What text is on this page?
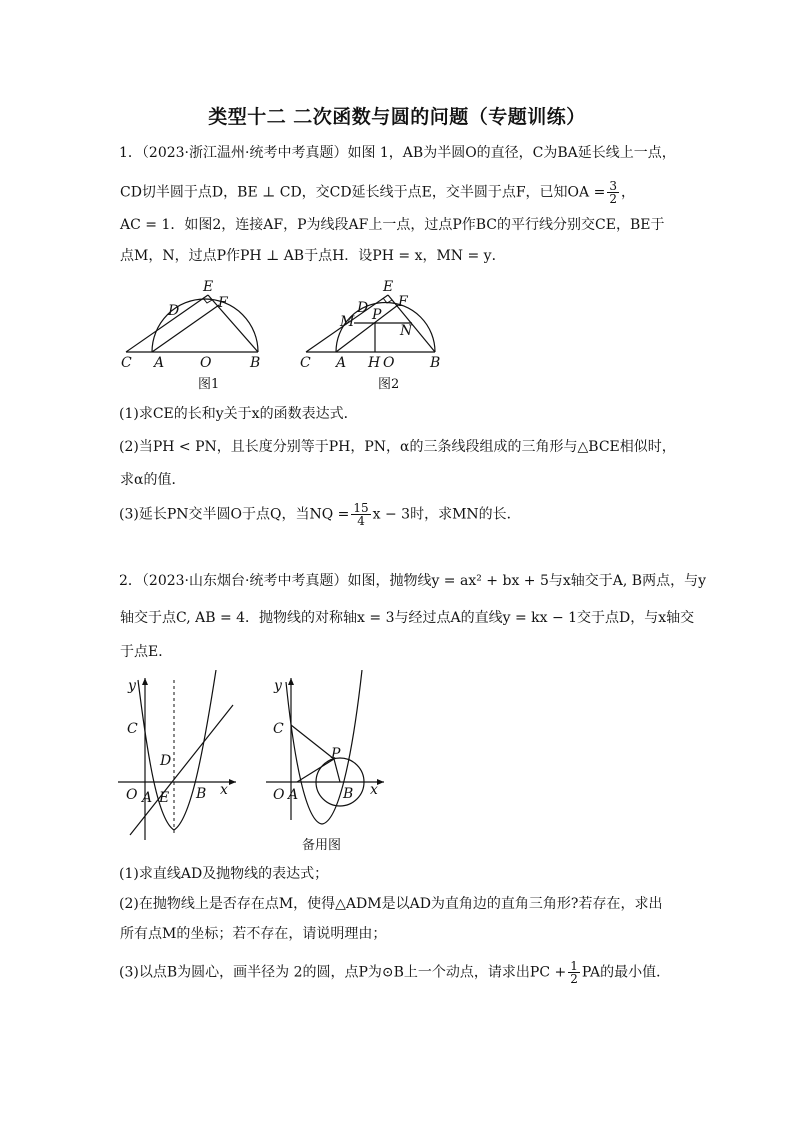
类型十二 二次函数与圆的问题（专题训练）
1．（2023·浙江温州·统考中考真题）如图 1，AB为半圆O的直径，C为BA延长线上一点，
CD切半圆于点D，BE ⊥ CD，交CD延长线于点E，交半圆于点F，已知OA = $\frac{3}{2}$ ，
AC = 1．如图2，连接AF，P为线段AF上一点，过点P作BC的平行线分别交CE，BE于
点M，N，过点P作PH ⊥ AB于点H．设PH = x，MN = y．
C A	O	B
D
E
F
图1
C A H O	B
M P
N
D
E
F
图2
(1)求CE的长和y关于x的函数表达式．
(2)当PH < PN，且长度分别等于PH，PN，α的三条线段组成的三角形与△BCE相似时，
求α的值．
(3)延长PN交半圆O于点Q，当NQ = $\frac{15}{4}$ x − 3时，求MN的长．
2．（2023·山东烟台·统考中考真题）如图，抛物线y = ax² + bx + 5与x轴交于A, B两点，与y
轴交于点C, AB = 4．抛物线的对称轴x = 3与经过点A的直线y = kx − 1交于点D，与x轴交
于点E．
y
C
D
O A E B x
y
C
P
O A	B x
备用图
(1)求直线AD及抛物线的表达式；
(2)在抛物线上是否存在点M，使得△ADM是以AD为直角边的直角三角形?若存在，求出
所有点M的坐标；若不存在，请说明理由；
(3)以点B为圆心，画半径为 2的圆，点P为⊙B上一个动点，请求出PC + $\frac{1}{2}$ PA的最小值．
